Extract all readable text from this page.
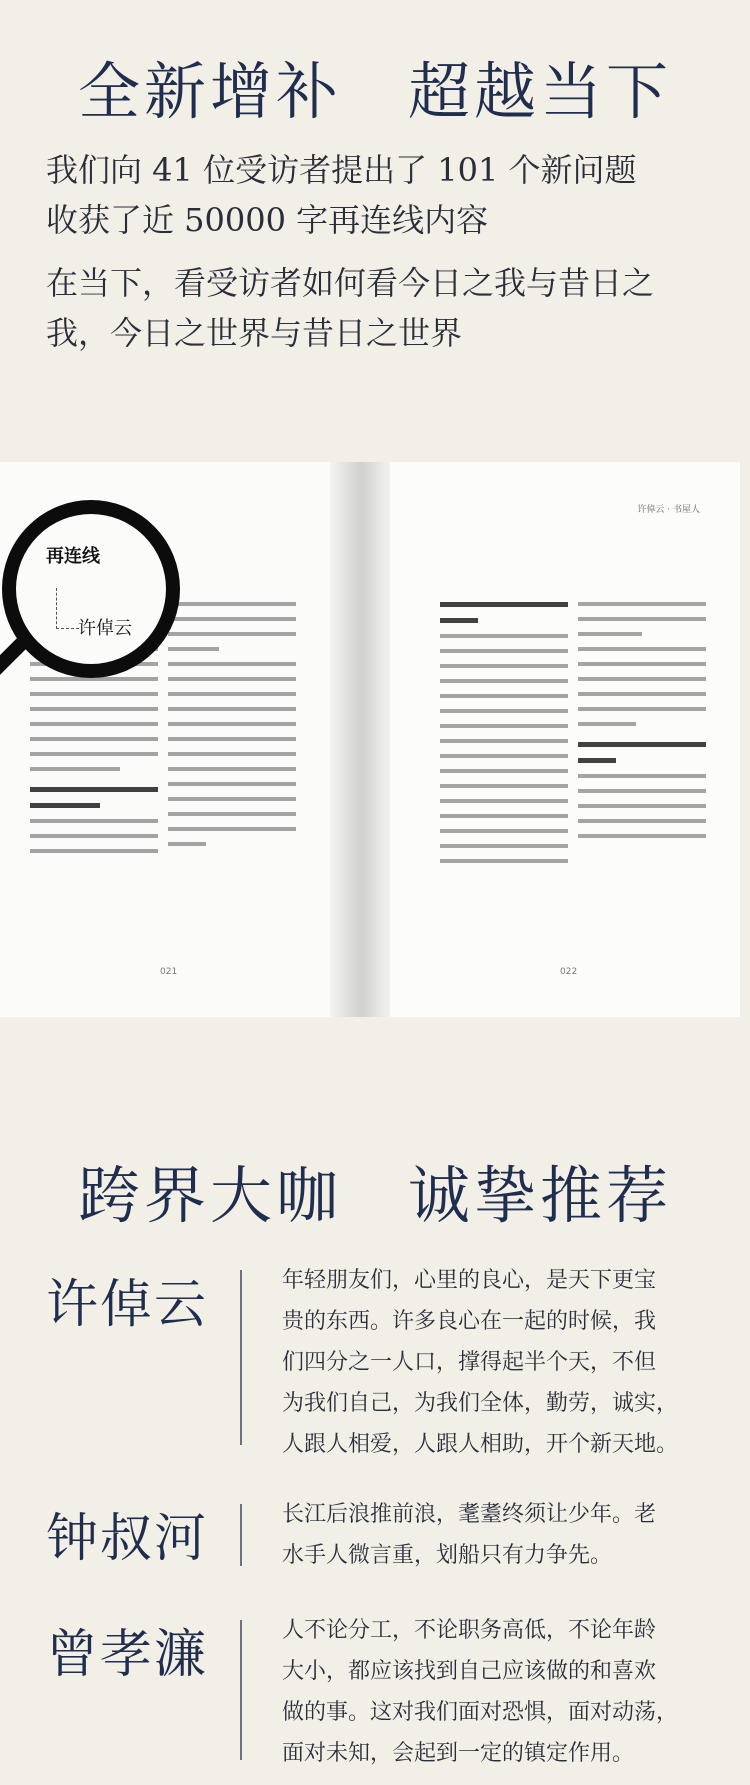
全新增补　超越当下

我们向 41 位受访者提出了 101 个新问题

收获了近 50000 字再连线内容

在当下，看受访者如何看今日之我与昔日之

我，今日之世界与昔日之世界

021
许倬云 · 书屋人
022
再连线
许倬云
跨界大咖　诚挚推荐
许倬云	年轻朋友们，心里的良心，是天下更宝

贵的东西。许多良心在一起的时候，我

们四分之一人口，撑得起半个天，不但

为我们自己，为我们全体，勤劳，诚实，

人跟人相爱，人跟人相助，开个新天地。

钟叔河	长江后浪推前浪，耄耋终须让少年。老

水手人微言重，划船只有力争先。

曾孝濂	人不论分工，不论职务高低，不论年龄

大小，都应该找到自己应该做的和喜欢

做的事。这对我们面对恐惧，面对动荡，

面对未知，会起到一定的镇定作用。
